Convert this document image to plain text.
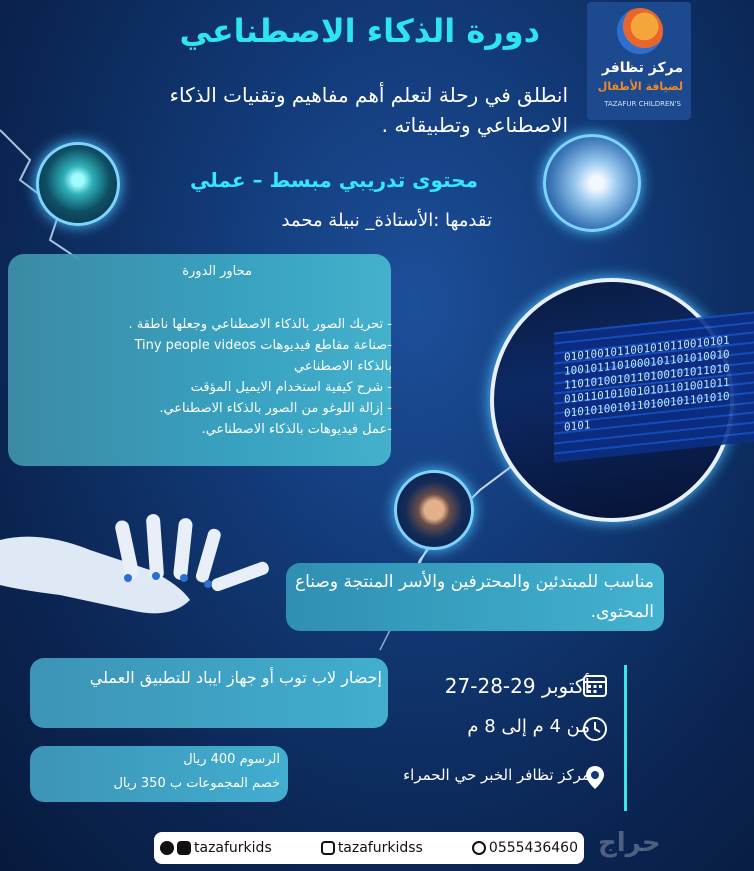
مركز تظافر
لضيافة الأطفال
TAZAFUR CHILDREN'S
دورة الذكاء الاصطناعي
انطلق في رحلة لتعلم أهم مفاهيم وتقنيات الذكاء الاصطناعي وتطبيقاته .
محتوى تدريبي مبسط – عملي
تقدمها :الأستاذة_ نبيلة محمد
010100101100101011001010110010111010001011010100101101010010110100101011010010110101001010110100101101010100101101001011010100101
محاور الدورة
- تحريك الصور بالذكاء الاصطناعي وجعلها ناطقة .
-صناعة مقاطع فيديوهات Tiny people videos
بالذكاء الاصطناعي
- شرح كيفية استخدام الايميل المؤقت
- إزالة اللوغو من الصور بالذكاء الاصطناعي.
-عمل فيديوهات بالذكاء الاصطناعي.
مناسب للمبتدئين والمحترفين والأسر المنتجة وصناع المحتوى.
إحضار لاب توب أو جهاز ايباد للتطبيق العملي
الرسوم 400 ريال
خصم المجموعات ب 350 ريال
أكتوبر 29-28-27
من 4 م إلى 8 م
مركز تظافر الخبر حي الحمراء
tazafurkids	tazafurkidss	0555436460 حراج
